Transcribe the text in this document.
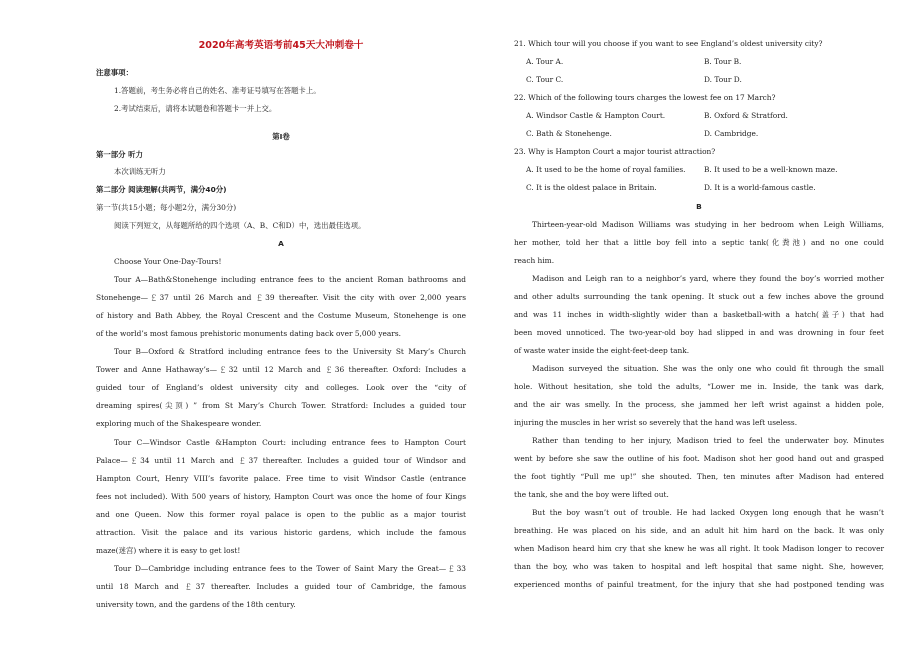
2020年高考英语考前45天大冲刺卷十
注意事项：
1.答题前，考生务必将自己的姓名、准考证号填写在答题卡上。
2.考试结束后，请将本试题卷和答题卡一并上交。
第Ⅰ卷
第一部分 听力
本次训练无听力
第二部分 阅读理解(共两节，满分40分)
第一节(共15小题；每小题2分，满分30分)
阅读下列短文，从每题所给的四个选项（A、B、C和D）中，选出最佳选项。
A
Choose Your One-Day-Tours!
Tour A—Bath&Stonehenge including entrance fees to the ancient Roman bathrooms and
Stonehenge—￡37 until 26 March and ￡39 thereafter. Visit the city with over 2,000 years
of history and Bath Abbey, the Royal Crescent and the Costume Museum, Stonehenge is one
of the world’s most famous prehistoric monuments dating back over 5,000 years.
Tour B—Oxford & Stratford including entrance fees to the University St Mary’s Church
Tower and Anne Hathaway’s—￡32 until 12 March and ￡36 thereafter. Oxford: Includes a
guided tour of England’s oldest university city and colleges. Look over the “city of
dreaming spires(尖顶) ” from St Mary’s Church Tower. Stratford: Includes a guided tour
exploring much of the Shakespeare wonder.
Tour C—Windsor Castle &Hampton Court: including entrance fees to Hampton Court
Palace—￡34 until 11 March and ￡37 thereafter. Includes a guided tour of Windsor and
Hampton Court, Henry VIII’s favorite palace. Free time to visit Windsor Castle (entrance
fees not included). With 500 years of history, Hampton Court was once the home of four Kings
and one Queen. Now this former royal palace is open to the public as a major tourist
attraction. Visit the palace and its various historic gardens, which include the famous
maze(迷宫) where it is easy to get lost!
Tour D—Cambridge including entrance fees to the Tower of Saint Mary the Great—￡33
until 18 March and ￡37 thereafter. Includes a guided tour of Cambridge, the famous
university town, and the gardens of the 18th century.
21. Which tour will you choose if you want to see England’s oldest university city?
A. Tour A.	B. Tour B.
C. Tour C.	D. Tour D.
22. Which of the following tours charges the lowest fee on 17 March?
A. Windsor Castle & Hampton Court.	B. Oxford & Stratford.
C. Bath & Stonehenge.	D. Cambridge.
23. Why is Hampton Court a major tourist attraction?
A. It used to be the home of royal families.	B. It used to be a well-known maze.
C. It is the oldest palace in Britain.	D. It is a world-famous castle.
B
Thirteen-year-old Madison Williams was studying in her bedroom when Leigh Williams,
her mother, told her that a little boy fell into a septic tank(化粪池) and no one could
reach him.
Madison and Leigh ran to a neighbor’s yard, where they found the boy’s worried mother
and other adults surrounding the tank opening. It stuck out a few inches above the ground
and was 11 inches in width-slightly wider than a basketball-with a hatch(盖子) that had
been moved unnoticed. The two-year-old boy had slipped in and was drowning in four feet
of waste water inside the eight-feet-deep tank.
Madison surveyed the situation. She was the only one who could fit through the small
hole. Without hesitation, she told the adults, “Lower me in. Inside, the tank was dark,
and the air was smelly. In the process, she jammed her left wrist against a hidden pole,
injuring the muscles in her wrist so severely that the hand was left useless.
Rather than tending to her injury, Madison tried to feel the underwater boy. Minutes
went by before she saw the outline of his foot. Madison shot her good hand out and grasped
the foot tightly “Pull me up!” she shouted. Then, ten minutes after Madison had entered
the tank, she and the boy were lifted out.
But the boy wasn’t out of trouble. He had lacked Oxygen long enough that he wasn’t
breathing. He was placed on his side, and an adult hit him hard on the back. It was only
when Madison heard him cry that she knew he was all right. It took Madison longer to recover
than the boy, who was taken to hospital and left hospital that same night. She, however,
experienced months of painful treatment, for the injury that she had postponed tending was
